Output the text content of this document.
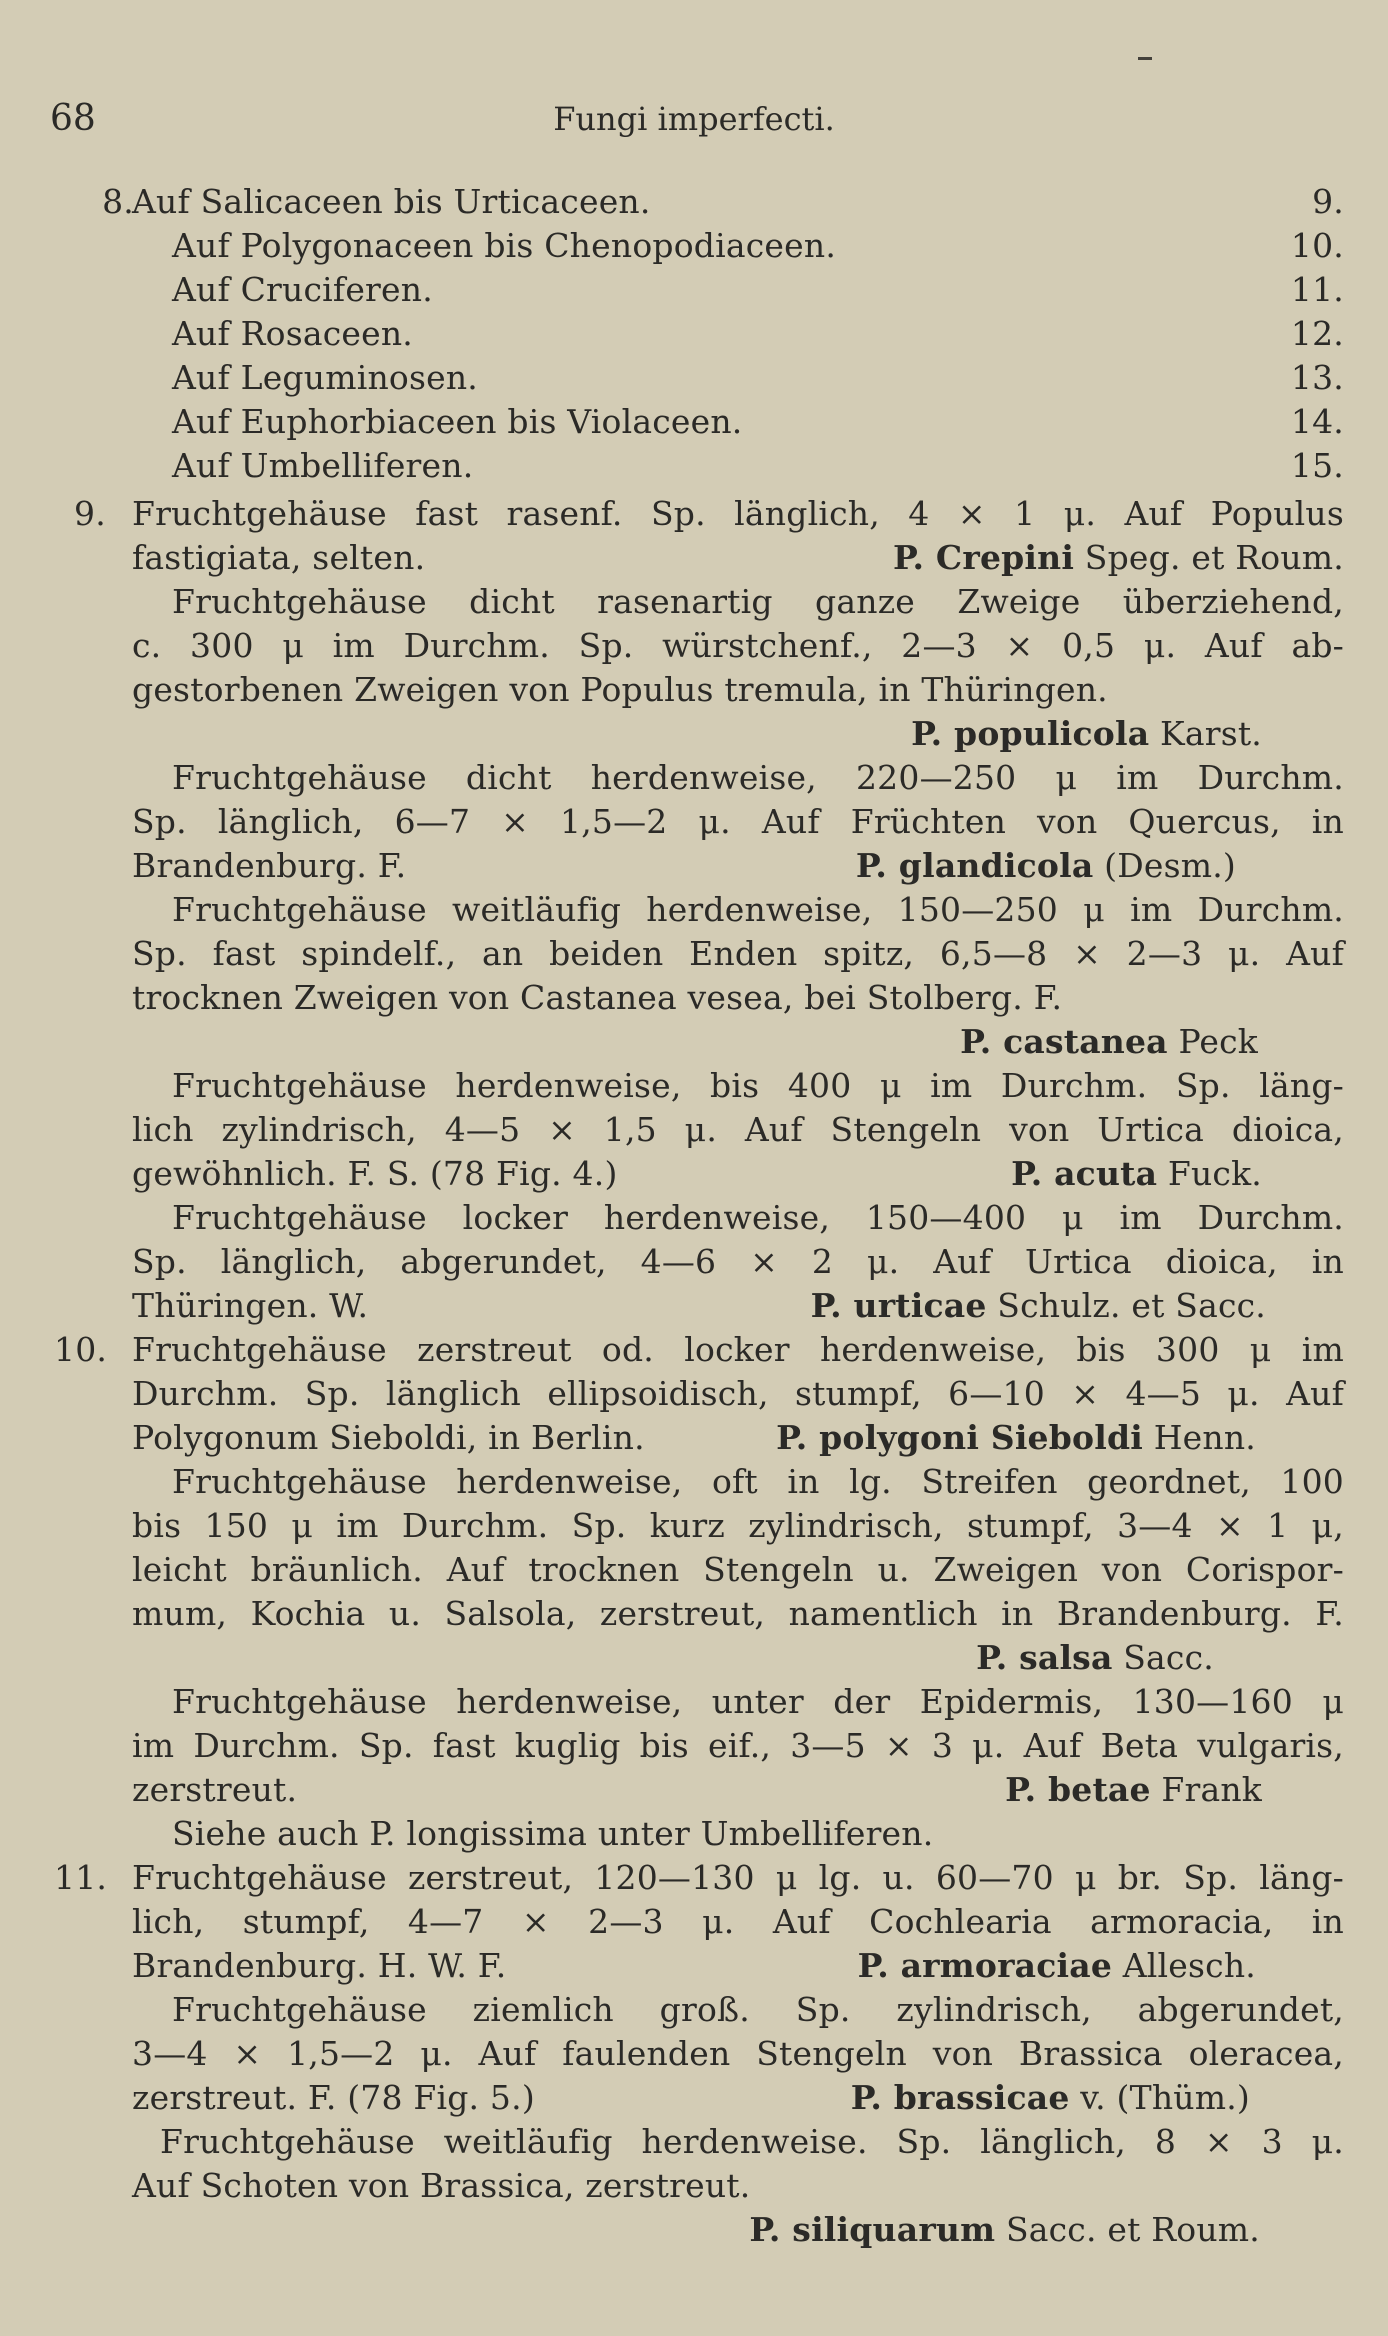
68	Fungi imperfecti.
8.
Auf Salicaceen bis Urticaceen.	9.
Auf Polygonaceen bis Chenopodiaceen.	10.
Auf Cruciferen.	11.
Auf Rosaceen.	12.
Auf Leguminosen.	13.
Auf Euphorbiaceen bis Violaceen.	14.
Auf Umbelliferen.	15.
9. Fruchtgehäuse fast rasenf. Sp. länglich, 4 × 1 μ. Auf Populus
fastigiata, selten.	P. Crepini Speg. et Roum.
Fruchtgehäuse dicht rasenartig ganze Zweige überziehend,
c. 300 μ im Durchm. Sp. würstchenf., 2—3 × 0,5 μ. Auf ab-
gestorbenen Zweigen von Populus tremula, in Thüringen.
P. populicola Karst.
Fruchtgehäuse dicht herdenweise, 220—250 μ im Durchm.
Sp. länglich, 6—7 × 1,5—2 μ. Auf Früchten von Quercus, in
Brandenburg. F.	P. glandicola (Desm.)
Fruchtgehäuse weitläufig herdenweise, 150—250 μ im Durchm.
Sp. fast spindelf., an beiden Enden spitz, 6,5—8 × 2—3 μ. Auf
trocknen Zweigen von Castanea vesea, bei Stolberg. F.
P. castanea Peck
Fruchtgehäuse herdenweise, bis 400 μ im Durchm. Sp. läng-
lich zylindrisch, 4—5 × 1,5 μ. Auf Stengeln von Urtica dioica,
gewöhnlich. F. S. (78 Fig. 4.)	P. acuta Fuck.
Fruchtgehäuse locker herdenweise, 150—400 μ im Durchm.
Sp. länglich, abgerundet, 4—6 × 2 μ. Auf Urtica dioica, in
Thüringen. W.	P. urticae Schulz. et Sacc.
10. Fruchtgehäuse zerstreut od. locker herdenweise, bis 300 μ im
Durchm. Sp. länglich ellipsoidisch, stumpf, 6—10 × 4—5 μ. Auf
Polygonum Sieboldi, in Berlin.	P. polygoni Sieboldi Henn.
Fruchtgehäuse herdenweise, oft in lg. Streifen geordnet, 100
bis 150 μ im Durchm. Sp. kurz zylindrisch, stumpf, 3—4 × 1 μ,
leicht bräunlich. Auf trocknen Stengeln u. Zweigen von Corispor-
mum, Kochia u. Salsola, zerstreut, namentlich in Brandenburg. F.
P. salsa Sacc.
Fruchtgehäuse herdenweise, unter der Epidermis, 130—160 μ
im Durchm. Sp. fast kuglig bis eif., 3—5 × 3 μ. Auf Beta vulgaris,
zerstreut.	P. betae Frank
Siehe auch P. longissima unter Umbelliferen.
11. Fruchtgehäuse zerstreut, 120—130 μ lg. u. 60—70 μ br. Sp. läng-
lich, stumpf, 4—7 × 2—3 μ. Auf Cochlearia armoracia, in
Brandenburg. H. W. F.	P. armoraciae Allesch.
Fruchtgehäuse ziemlich groß. Sp. zylindrisch, abgerundet,
3—4 × 1,5—2 μ. Auf faulenden Stengeln von Brassica oleracea,
zerstreut. F. (78 Fig. 5.)	P. brassicae v. (Thüm.)
Fruchtgehäuse weitläufig herdenweise. Sp. länglich, 8 × 3 μ.
Auf Schoten von Brassica, zerstreut.
P. siliquarum Sacc. et Roum.
